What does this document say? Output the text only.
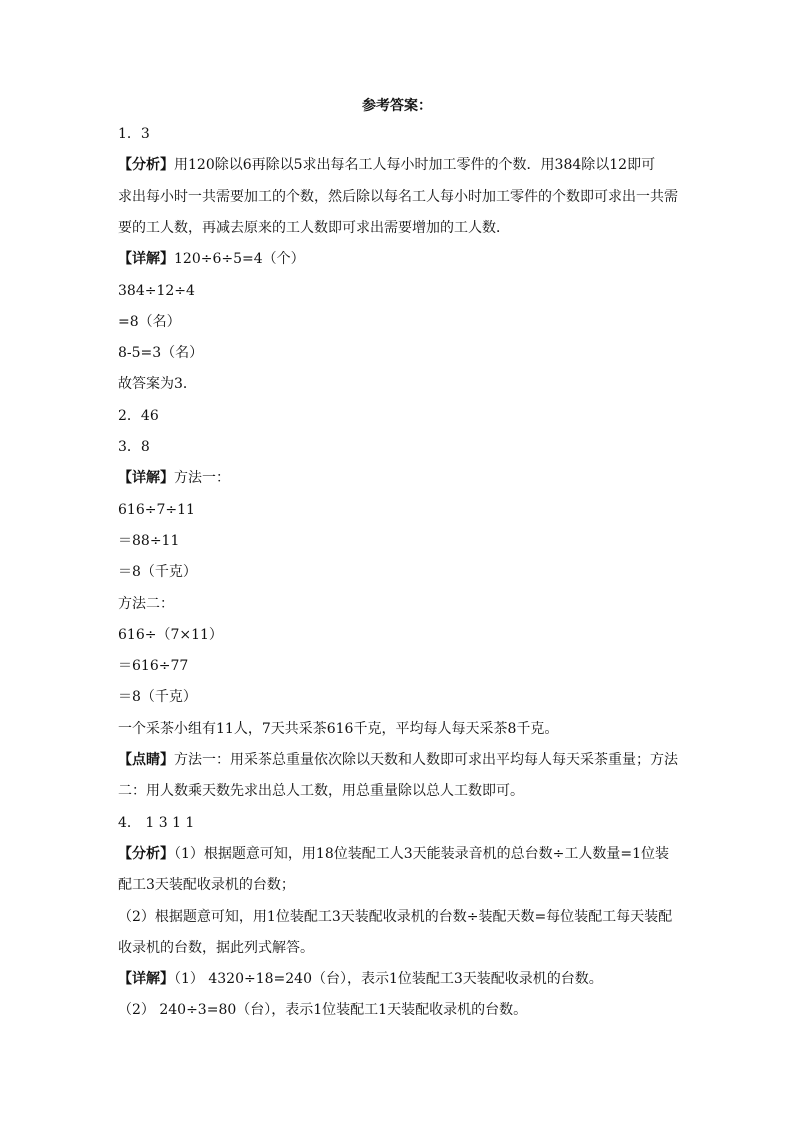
参考答案：
1．3
【分析】用120除以6再除以5求出每名工人每小时加工零件的个数．用384除以12即可
求出每小时一共需要加工的个数，然后除以每名工人每小时加工零件的个数即可求出一共需
要的工人数，再减去原来的工人数即可求出需要增加的工人数．
【详解】120÷6÷5=4（个）
384÷12÷4
=8（名）
8-5=3（名）
故答案为3．
2．46
3．8
【详解】方法一：
616÷7÷11
＝88÷11
＝8（千克）
方法二：
616÷（7×11）
＝616÷77
＝8（千克）
一个采茶小组有11人，7天共采茶616千克，平均每人每天采茶8千克。
【点睛】方法一：用采茶总重量依次除以天数和人数即可求出平均每人每天采茶重量；方法
二：用人数乘天数先求出总人工数，用总重量除以总人工数即可。
4． 1 3 1 1
【分析】（1）根据题意可知，用18位装配工人3天能装录音机的总台数÷工人数量=1位装
配工3天装配收录机的台数；
（2）根据题意可知，用1位装配工3天装配收录机的台数÷装配天数=每位装配工每天装配
收录机的台数，据此列式解答。
【详解】（1） 4320÷18=240（台），表示1位装配工3天装配收录机的台数。
（2） 240÷3=80（台），表示1位装配工1天装配收录机的台数。
